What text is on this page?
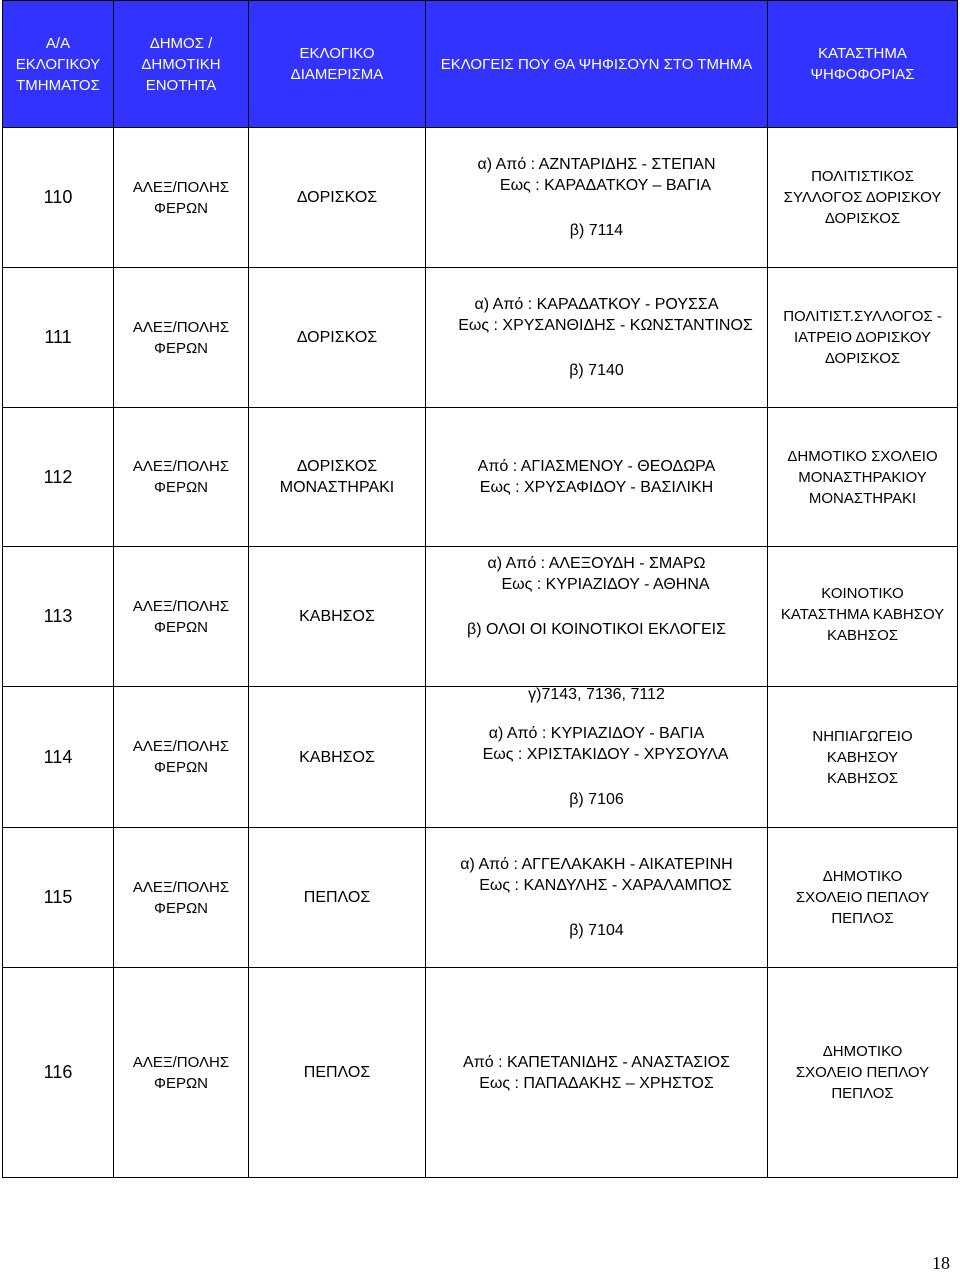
Α/Α
ΕΚΛΟΓΙΚΟΥ
ΤΜΗΜΑΤΟΣ	ΔΗΜΟΣ /
ΔΗΜΟΤΙΚΗ
ΕΝΟΤΗΤΑ	ΕΚΛΟΓΙΚΟ
ΔΙΑΜΕΡΙΣΜΑ	ΕΚΛΟΓΕΙΣ ΠΟΥ ΘΑ ΨΗΦΙΣΟΥΝ ΣΤΟ ΤΜΗΜΑ	ΚΑΤΑΣΤΗΜΑ
ΨΗΦΟΦΟΡΙΑΣ

110	ΑΛΕΞ/ΠΟΛΗΣ
ΦΕΡΩΝ	ΔΟΡΙΣΚΟΣ	α) Από : ΑΖΝΤΑΡΙΔΗΣ - ΣΤΕΠΑΝ
Εως : ΚΑΡΑΔΑΤΚΟΥ – ΒΑΓΙΑ
β) 7114	ΠΟΛΙΤΙΣΤΙΚΟΣ
ΣΥΛΛΟΓΟΣ ΔΟΡΙΣΚΟΥ
ΔΟΡΙΣΚΟΣ

111	ΑΛΕΞ/ΠΟΛΗΣ
ΦΕΡΩΝ	ΔΟΡΙΣΚΟΣ	α) Από : ΚΑΡΑΔΑΤΚΟΥ - ΡΟΥΣΣΑ
Εως : ΧΡΥΣΑΝΘΙΔΗΣ - ΚΩΝΣΤΑΝΤΙΝΟΣ
β) 7140	ΠΟΛΙΤΙΣΤ.ΣΥΛΛΟΓΟΣ -
ΙΑΤΡΕΙΟ ΔΟΡΙΣΚΟΥ
ΔΟΡΙΣΚΟΣ

112	ΑΛΕΞ/ΠΟΛΗΣ
ΦΕΡΩΝ	ΔΟΡΙΣΚΟΣ
ΜΟΝΑΣΤΗΡΑΚΙ	Από : ΑΓΙΑΣΜΕΝΟΥ - ΘΕΟΔΩΡΑ
Εως : ΧΡΥΣΑΦΙΔΟΥ - ΒΑΣΙΛΙΚΗ	ΔΗΜΟΤΙΚΟ ΣΧΟΛΕΙΟ
ΜΟΝΑΣΤΗΡΑΚΙΟΥ
ΜΟΝΑΣΤΗΡΑΚΙ

113	ΑΛΕΞ/ΠΟΛΗΣ
ΦΕΡΩΝ	ΚΑΒΗΣΟΣ	α) Από : ΑΛΕΞΟΥΔΗ - ΣΜΑΡΩ
Εως : ΚΥΡΙΑΖΙΔΟΥ - ΑΘΗΝΑ
β) ΟΛΟΙ ΟΙ ΚΟΙΝΟΤΙΚΟΙ ΕΚΛΟΓΕΙΣ	ΚΟΙΝΟΤΙΚΟ
ΚΑΤΑΣΤΗΜΑ ΚΑΒΗΣΟΥ
ΚΑΒΗΣΟΣ

114	ΑΛΕΞ/ΠΟΛΗΣ
ΦΕΡΩΝ	ΚΑΒΗΣΟΣ	γ)7143, 7136, 7112
α) Από : ΚΥΡΙΑΖΙΔΟΥ - ΒΑΓΙΑ
Εως : ΧΡΙΣΤΑΚΙΔΟΥ - ΧΡΥΣΟΥΛΑ
β) 7106	ΝΗΠΙΑΓΩΓΕΙΟ
ΚΑΒΗΣΟΥ
ΚΑΒΗΣΟΣ

115	ΑΛΕΞ/ΠΟΛΗΣ
ΦΕΡΩΝ	ΠΕΠΛΟΣ	α) Από : ΑΓΓΕΛΑΚΑΚΗ - ΑΙΚΑΤΕΡΙΝΗ
Εως : ΚΑΝΔΥΛΗΣ - ΧΑΡΑΛΑΜΠΟΣ
β) 7104	ΔΗΜΟΤΙΚΟ
ΣΧΟΛΕΙΟ ΠΕΠΛΟΥ
ΠΕΠΛΟΣ

116	ΑΛΕΞ/ΠΟΛΗΣ
ΦΕΡΩΝ	ΠΕΠΛΟΣ	Από : ΚΑΠΕΤΑΝΙΔΗΣ - ΑΝΑΣΤΑΣΙΟΣ
Εως : ΠΑΠΑΔΑΚΗΣ – ΧΡΗΣΤΟΣ	ΔΗΜΟΤΙΚΟ
ΣΧΟΛΕΙΟ ΠΕΠΛΟΥ
ΠΕΠΛΟΣ
18
